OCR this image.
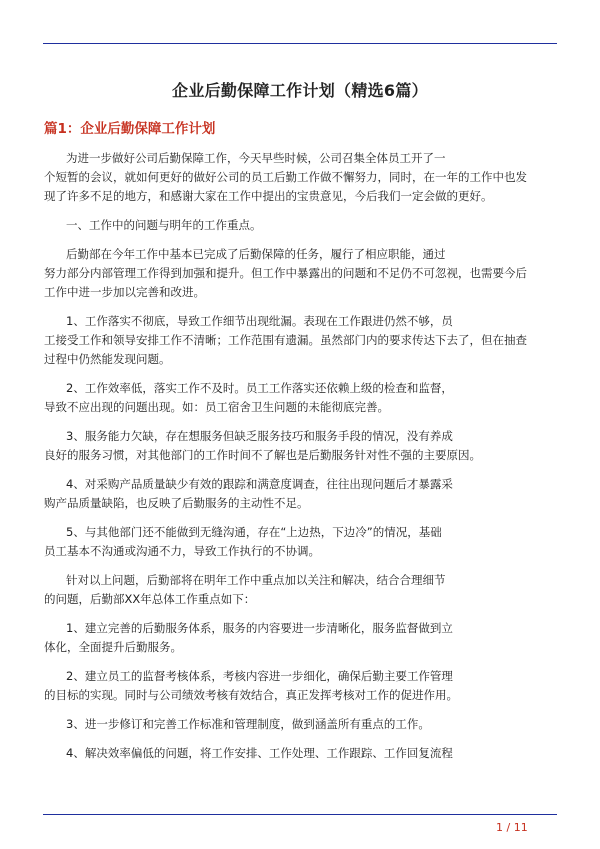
企业后勤保障工作计划（精选6篇）
篇1：企业后勤保障工作计划
为进一步做好公司后勤保障工作，今天早些时候，公司召集全体员工开了一
个短暂的会议，就如何更好的做好公司的员工后勤工作做不懈努力，同时，在一年的工作中也发
现了许多不足的地方，和感谢大家在工作中提出的宝贵意见，今后我们一定会做的更好。
一、工作中的问题与明年的工作重点。
后勤部在今年工作中基本已完成了后勤保障的任务，履行了相应职能，通过
努力部分内部管理工作得到加强和提升。但工作中暴露出的问题和不足仍不可忽视，也需要今后
工作中进一步加以完善和改进。
1、工作落实不彻底，导致工作细节出现纰漏。表现在工作跟进仍然不够，员
工接受工作和领导安排工作不清晰；工作范围有遗漏。虽然部门内的要求传达下去了，但在抽查
过程中仍然能发现问题。
2、工作效率低，落实工作不及时。员工工作落实还依赖上级的检查和监督，
导致不应出现的问题出现。如：员工宿舍卫生问题的未能彻底完善。
3、服务能力欠缺，存在想服务但缺乏服务技巧和服务手段的情况，没有养成
良好的服务习惯，对其他部门的工作时间不了解也是后勤服务针对性不强的主要原因。
4、对采购产品质量缺少有效的跟踪和满意度调查，往往出现问题后才暴露采
购产品质量缺陷，也反映了后勤服务的主动性不足。
5、与其他部门还不能做到无缝沟通，存在“上边热，下边冷”的情况，基础
员工基本不沟通或沟通不力，导致工作执行的不协调。
针对以上问题，后勤部将在明年工作中重点加以关注和解决，结合合理细节
的问题，后勤部XX年总体工作重点如下：
1、建立完善的后勤服务体系，服务的内容要进一步清晰化，服务监督做到立
体化，全面提升后勤服务。
2、建立员工的监督考核体系，考核内容进一步细化，确保后勤主要工作管理
的目标的实现。同时与公司绩效考核有效结合，真正发挥考核对工作的促进作用。
3、进一步修订和完善工作标准和管理制度，做到涵盖所有重点的工作。
4、解决效率偏低的问题，将工作安排、工作处理、工作跟踪、工作回复流程
1 / 11
